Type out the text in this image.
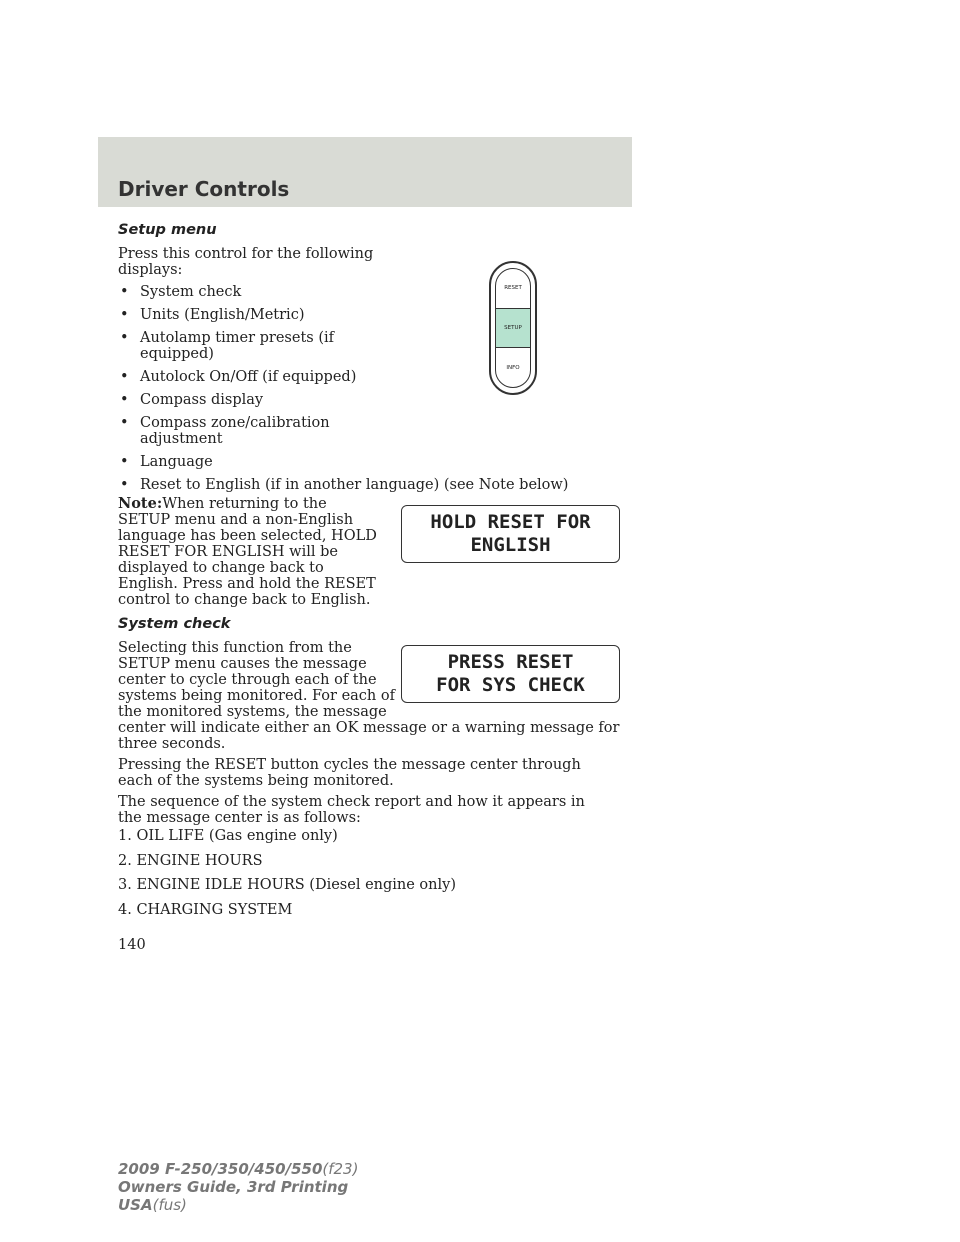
Driver Controls
Setup menu

Press this control for the following displays:

• System check
• Units (English/Metric)
• Autolamp timer presets (if equipped)
• Autolock On/Off (if equipped)
• Compass display
• Compass zone/calibration adjustment
• Language
• Reset to English (if in another language) (see Note below)

Note:When returning to the SETUP menu and a non-English language has been selected, HOLD RESET FOR ENGLISH will be displayed to change back to English. Press and hold the RESET control to change back to English.

RESET
SETUP
INFO
HOLD RESET FOR
ENGLISH
System check

Selecting this function from the SETUP menu causes the message center to cycle through each of the systems being monitored. For each of the monitored systems, the message center will indicate either an OK message or a warning message for three seconds.

PRESS RESET
FOR SYS CHECK

Pressing the RESET button cycles the message center through each of the systems being monitored.

The sequence of the system check report and how it appears in the message center is as follows:

1. OIL LIFE (Gas engine only)
2. ENGINE HOURS
3. ENGINE IDLE HOURS (Diesel engine only)
4. CHARGING SYSTEM

140

2009 F-250/350/450/550(f23)
Owners Guide, 3rd Printing
USA(fus)
